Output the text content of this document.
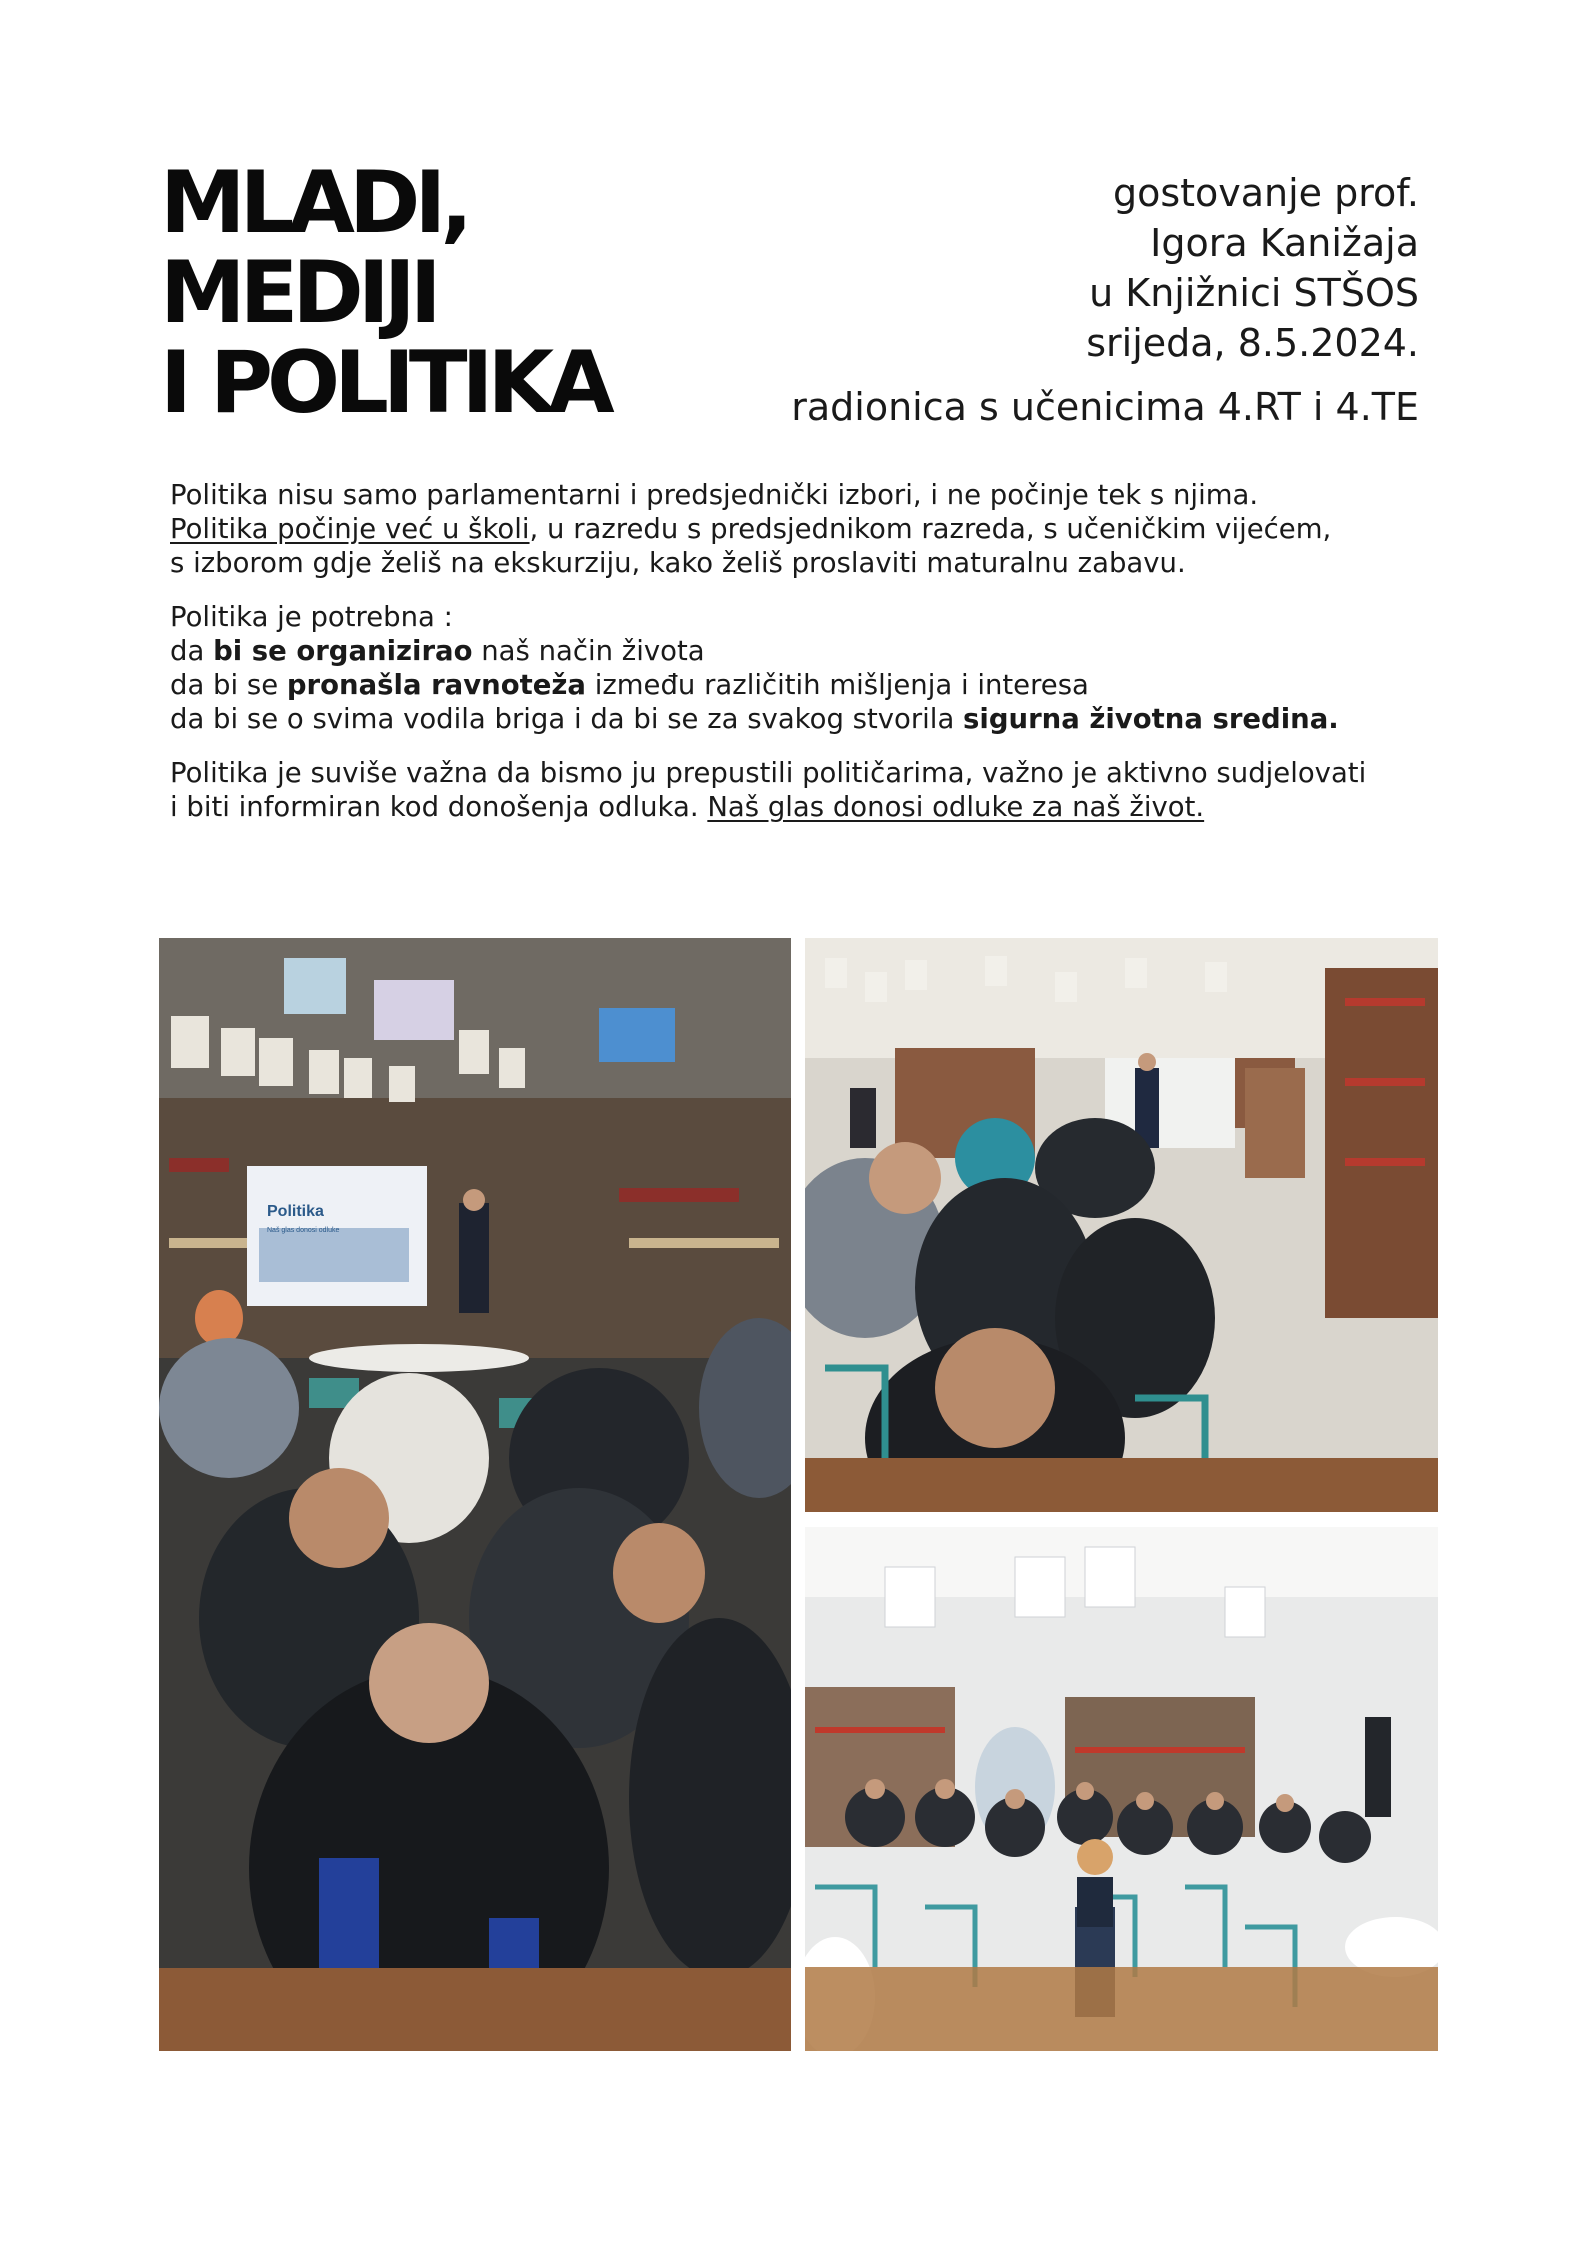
MLADI,
MEDIJI
I POLITIKA
gostovanje prof.
Igora Kanižaja
u Knjižnici STŠOS
srijeda, 8.5.2024.
radionica s učenicima 4.RT i 4.TE

Politika nisu samo parlamentarni i predsjednički izbori, i ne počinje tek s njima.
Politika počinje već u školi, u razredu s predsjednikom razreda, s učeničkim vijećem,
s izborom gdje želiš na ekskurziju, kako želiš proslaviti maturalnu zabavu.

Politika je potrebna :
da bi se organizirao naš način života
da bi se pronašla ravnoteža između različitih mišljenja i interesa
da bi se o svima vodila briga i da bi se za svakog stvorila sigurna životna sredina.

Politika je suviše važna da bismo ju prepustili političarima, važno je aktivno sudjelovati
i biti informiran kod donošenja odluka. Naš glas donosi odluke za naš život.

Politika
Naš glas donosi odluke
